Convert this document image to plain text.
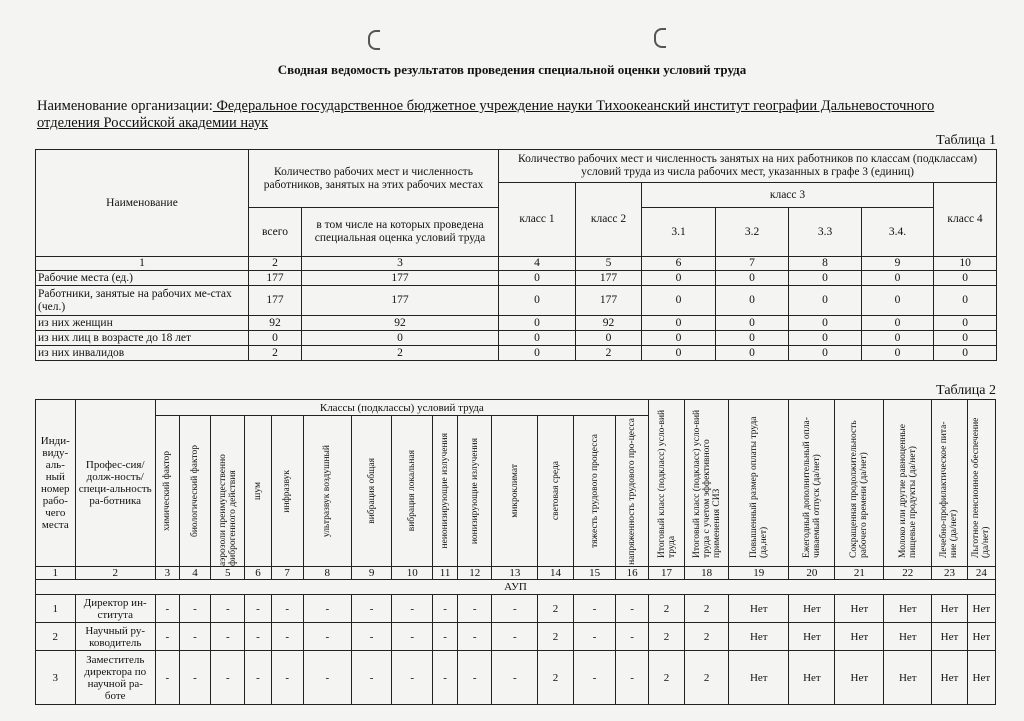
Сводная ведомость результатов проведения специальной оценки условий труда
Наименование организации: Федеральное государственное бюджетное учреждение науки Тихоокеанский институт географии Дальневосточного отделения Российской академии наук
Таблица 1
Наименование	Количество рабочих мест и численность работников, занятых на этих рабочих местах		Количество рабочих мест и численность занятых на них работников по классам (подклассам) условий труда из числа рабочих мест, указанных в графе 3 (единиц)						
			класс 1	класс 2	класс 3				класс 4
	всего	в том числе на которых проведена специальная оценка условий труда			3.1	3.2	3.3	3.4.	
1	2	3	4	5	6	7	8	9	10
Рабочие места (ед.)	177	177	0	177	0	0	0	0	0
Работники, занятые на рабочих ме-стах (чел.)	177	177	0	177	0	0	0	0	0
из них женщин	92	92	0	92	0	0	0	0	0
из них лиц в возрасте до 18 лет	0	0	0	0	0	0	0	0	0
из них инвалидов	2	2	0	2	0	0	0	0	0
Таблица 2
Инди-виду-аль-ный номер рабо-чего места	Профес-сия/долж-ность/специ-альность ра-ботника	Классы (подклассы) условий труда														Итоговый класс (подкласс) усло-вий труда	Итоговый класс (подкласс) усло-вий труда с учетом эффективного применения СИЗ	Повышенный размер оплаты труда (да,нет)	Ежегодный дополнительный опла-чиваемый отпуск (да/нет)	Сокращенная продолжительность рабочего времени (да/нет)	Молоко или другие равноценные пищевые продукты (да/нет)	Лечебно-профилактическое пита-ние (да/нет)	Льготное пенсионное обеспечение (да/нет)

		химический фактор	биологический фактор	аэрозоли преимущественно фиброгенного действия	шум	инфразвук	ультразвук воздушный	вибрация общая	вибрация локальная	неионизирующие излучения	ионизирующие излучения	микроклимат	световая среда	тяжесть трудового процесса	напряженность трудового про-цесса								

1	2	3	4	5	6	7	8	9	10	11	12	13	14	15	16	17	18	19	20	21	22	23	24
АУП																							
1	Директор ин-ститута	-	-	-	-	-	-	-	-	-	-	-	2	-	-	2	2	Нет	Нет	Нет	Нет	Нет	Нет
2	Научный ру-ководитель	-	-	-	-	-	-	-	-	-	-	-	2	-	-	2	2	Нет	Нет	Нет	Нет	Нет	Нет
3	Заместитель директора по научной ра-боте	-	-	-	-	-	-	-	-	-	-	-	2	-	-	2	2	Нет	Нет	Нет	Нет	Нет	Нет
